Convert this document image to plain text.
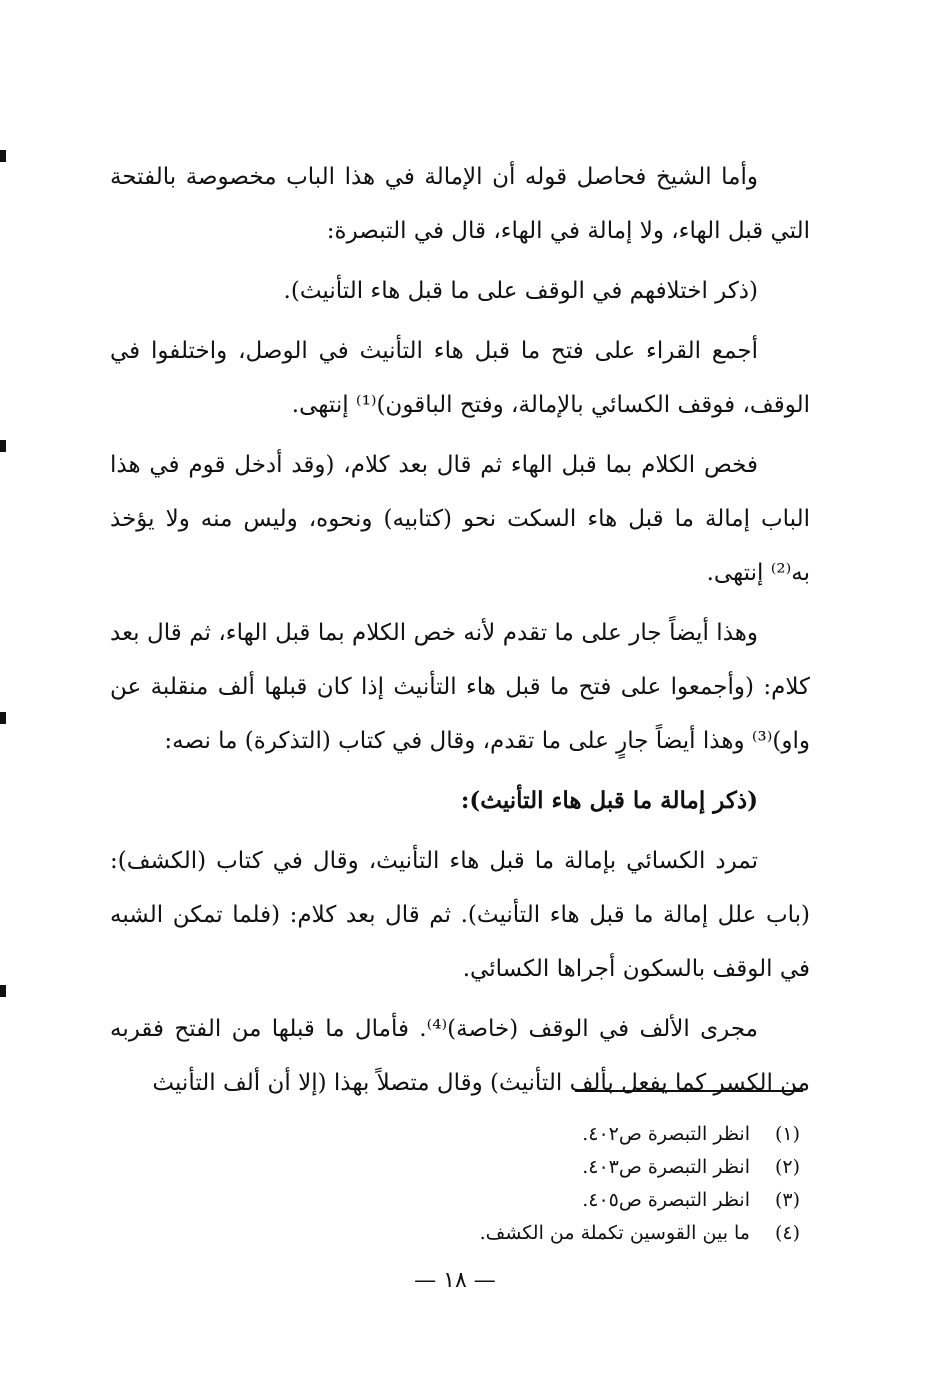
وأما الشيخ فحاصل قوله أن الإمالة في هذا الباب مخصوصة بالفتحة التي قبل الهاء، ولا إمالة في الهاء، قال في التبصرة:

(ذكر اختلافهم في الوقف على ما قبل هاء التأنيث).

أجمع القراء على فتح ما قبل هاء التأنيث في الوصل، واختلفوا في الوقف، فوقف الكسائي بالإمالة، وفتح الباقون)⁽¹⁾ إنتهى.

فخص الكلام بما قبل الهاء ثم قال بعد كلام، (وقد أدخل قوم في هذا الباب إمالة ما قبل هاء السكت نحو (كتابيه) ونحوه، وليس منه ولا يؤخذ به⁽²⁾ إنتهى.

وهذا أيضاً جار على ما تقدم لأنه خص الكلام بما قبل الهاء، ثم قال بعد كلام: (وأجمعوا على فتح ما قبل هاء التأنيث إذا كان قبلها ألف منقلبة عن واو)⁽³⁾ وهذا أيضاً جارٍ على ما تقدم، وقال في كتاب (التذكرة) ما نصه:

(ذكر إمالة ما قبل هاء التأنيث):

تمرد الكسائي بإمالة ما قبل هاء التأنيث، وقال في كتاب (الكشف): (باب علل إمالة ما قبل هاء التأنيث). ثم قال بعد كلام: (فلما تمكن الشبه في الوقف بالسكون أجراها الكسائي.

مجرى الألف في الوقف (خاصة)⁽⁴⁾. فأمال ما قبلها من الفتح فقربه من الكسر كما يفعل بألف التأنيث) وقال متصلاً بهذا (إلا أن ألف التأنيث

(١)
انظر التبصرة ص٤٠٢.
(٢)
انظر التبصرة ص٤٠٣.
(٣)
انظر التبصرة ص٤٠٥.
(٤)
ما بين القوسين تكملة من الكشف.
— ١٨ —
